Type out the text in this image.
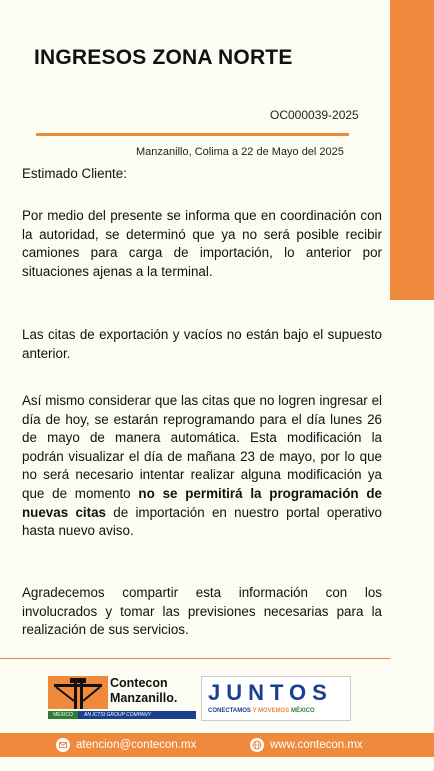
INGRESOS ZONA NORTE
OC000039-2025
Manzanillo, Colima a 22 de Mayo del 2025
Estimado Cliente:

Por medio del presente se informa que en coordinación con la autoridad, se determinó que ya no será posible recibir camiones para carga de importación, lo anterior por situaciones ajenas a la terminal.

Las citas de exportación y vacíos no están bajo el supuesto anterior.

Así mismo considerar que las citas que no logren ingresar el día de hoy, se estarán reprogramando para el día lunes 26 de mayo de manera automática. Esta modificación la podrán visualizar el día de mañana 23 de mayo, por lo que no será necesario intentar realizar alguna modificación ya que de momento no se permitirá la programación de nuevas citas de importación en nuestro portal operativo hasta nuevo aviso.

Agradecemos compartir esta información con los involucrados y tomar las previsiones necesarias para la realización de sus servicios.

Contecon
Manzanillo.
MÉXICO	AN ICTSI GROUP COMPANY
JUNTOS
CONECTAMOS Y MOVEMOS MÉXICO
atencion@contecon.mx	www.contecon.mx
